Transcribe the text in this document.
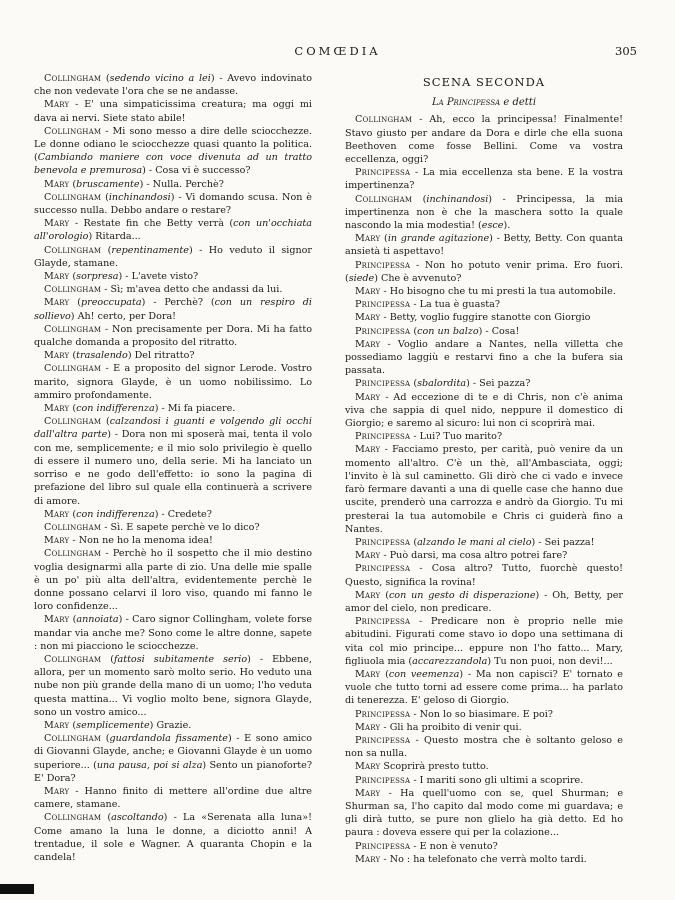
COMŒDIA	305

Collingham (sedendo vicino a lei) - Avevo indovinato che non vedevate l'ora che se ne andasse.

Mary - E' una simpaticissima creatura; ma oggi mi dava ai nervi. Siete stato abile!

Collingham - Mi sono messo a dire delle sciocchezze. Le donne odiano le sciocchezze quasi quanto la politica. (Cambiando maniere con voce divenuta ad un tratto benevola e premurosa) - Cosa vi è successo?

Mary (bruscamente) - Nulla. Perchè?

Collingham (inchinandosi) - Vi domando scusa. Non è successo nulla. Debbo andare o restare?

Mary - Restate fin che Betty verrà (con un'occhiata all'orologio) Ritarda...

Collingham (repentinamente) - Ho veduto il signor Glayde, stamane.

Mary (sorpresa) - L'avete visto?

Collingham - Sì; m'avea detto che andassi da lui.

Mary (preoccupata) - Perchè? (con un respiro di sollievo) Ah! certo, per Dora!

Collingham - Non precisamente per Dora. Mi ha fatto qualche domanda a proposito del ritratto.

Mary (trasalendo) Del ritratto?

Collingham - E a proposito del signor Lerode. Vostro marito, signora Glayde, è un uomo nobilissimo. Lo ammiro profondamente.

Mary (con indifferenza) - Mi fa piacere.

Collingham (calzandosi i guanti e volgendo gli occhi dall'altra parte) - Dora non mi sposerà mai, tenta il volo con me, semplicemente; e il mio solo privilegio è quello di essere il numero uno, della serie. Mi ha lanciato un sorriso e ne godo dell'effetto: io sono la pagina di prefazione del libro sul quale ella continuerà a scrivere di amore.

Mary (con indifferenza) - Credete?

Collingham - Sì. E sapete perchè ve lo dico?

Mary - Non ne ho la menoma idea!

Collingham - Perchè ho il sospetto che il mio destino voglia designarmi alla parte di zio. Una delle mie spalle è un po' più alta dell'altra, evidentemente perchè le donne possano celarvi il loro viso, quando mi fanno le loro confidenze...

Mary (annoiata) - Caro signor Collingham, volete forse mandar via anche me? Sono come le altre donne, sapete : non mi piacciono le sciocchezze.

Collingham (fattosi subitamente serio) - Ebbene, allora, per un momento sarò molto serio. Ho veduto una nube non più grande della mano di un uomo; l'ho veduta questa mattina... Vi voglio molto bene, signora Glayde, sono un vostro amico...

Mary (semplicemente) Grazie.

Collingham (guardandola fissamente) - E sono amico di Giovanni Glayde, anche; e Giovanni Glayde è un uomo superiore... (una pausa, poi si alza) Sento un pianoforte? E' Dora?

Mary - Hanno finito di mettere all'ordine due altre camere, stamane.

Collingham (ascoltando) - La «Serenata alla luna»! Come amano la luna le donne, a diciotto anni! A trentadue, il sole e Wagner. A quaranta Chopin e la candela!

SCENA SECONDA
La Principessa e detti

Collingham - Ah, ecco la principessa! Finalmente! Stavo giusto per andare da Dora e dirle che ella suona Beethoven come fosse Bellini. Come va vostra eccellenza, oggi?

Principessa - La mia eccellenza sta bene. E la vostra impertinenza?

Collingham (inchinandosi) - Principessa, la mia impertinenza non è che la maschera sotto la quale nascondo la mia modestia! (esce).

Mary (in grande agitazione) - Betty, Betty. Con quanta ansietà ti aspettavo!

Principessa - Non ho potuto venir prima. Ero fuori. (siede) Che è avvenuto?

Mary - Ho bisogno che tu mi presti la tua automobile.

Principessa - La tua è guasta?

Mary - Betty, voglio fuggire stanotte con Giorgio

Principessa (con un balzo) - Cosa!

Mary - Voglio andare a Nantes, nella villetta che possediamo laggiù e restarvi fino a che la bufera sia passata.

Principessa (sbalordita) - Sei pazza?

Mary - Ad eccezione di te e di Chris, non c'è anima viva che sappia di quel nido, neppure il domestico di Giorgio; e saremo al sicuro: lui non ci scoprirà mai.

Principessa - Lui? Tuo marito?

Mary - Facciamo presto, per carità, può venire da un momento all'altro. C'è un thè, all'Ambasciata, oggi; l'invito è là sul caminetto. Gli dirò che ci vado e invece farò fermare davanti a una di quelle case che hanno due uscite, prenderò una carrozza e andrò da Giorgio. Tu mi presterai la tua automobile e Chris ci guiderà fino a Nantes.

Principessa (alzando le mani al cielo) - Sei pazza!

Mary - Può darsi, ma cosa altro potrei fare?

Principessa - Cosa altro? Tutto, fuorchè questo! Questo, significa la rovina!

Mary (con un gesto di disperazione) - Oh, Betty, per amor del cielo, non predicare.

Principessa - Predicare non è proprio nelle mie abitudini. Figurati come stavo io dopo una settimana di vita col mio principe... eppure non l'ho fatto... Mary, figliuola mia (accarezzandola) Tu non puoi, non devi!...

Mary (con veemenza) - Ma non capisci? E' tornato e vuole che tutto torni ad essere come prima... ha parlato di tenerezza. E' geloso di Giorgio.

Principessa - Non lo so biasimare. E poi?

Mary - Gli ha proibito di venir qui.

Principessa - Questo mostra che è soltanto geloso e non sa nulla.

Mary Scoprirà presto tutto.

Principessa - I mariti sono gli ultimi a scoprire.

Mary - Ha quell'uomo con se, quel Shurman; e Shurman sa, l'ho capito dal modo come mi guardava; e gli dirà tutto, se pure non glielo ha già detto. Ed ho paura : doveva essere qui per la colazione...

Principessa - E non è venuto?

Mary - No : ha telefonato che verrà molto tardi.
